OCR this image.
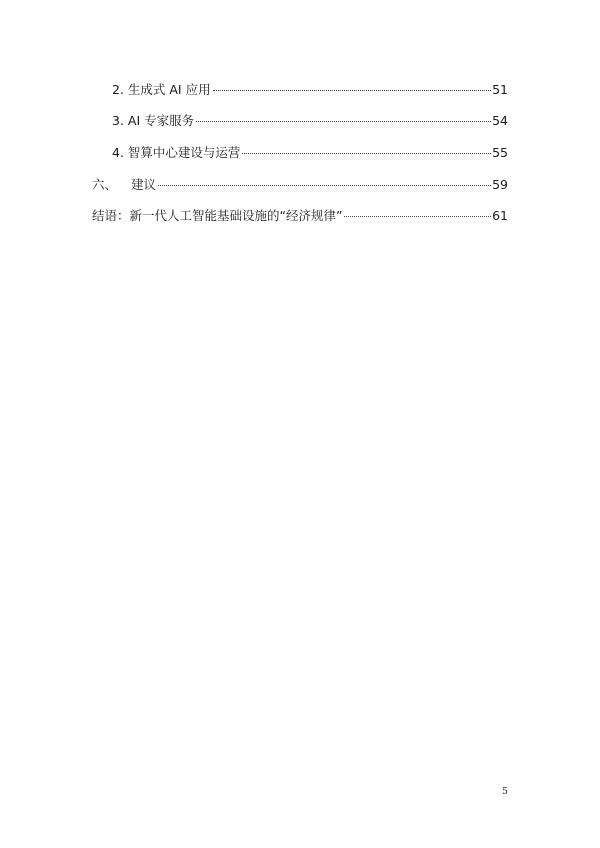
2. 生成式 AI 应用	51
3. AI 专家服务	54
4. 智算中心建设与运营	55
六、 建议	59
结语：新一代人工智能基础设施的“经济规律”	61
5
